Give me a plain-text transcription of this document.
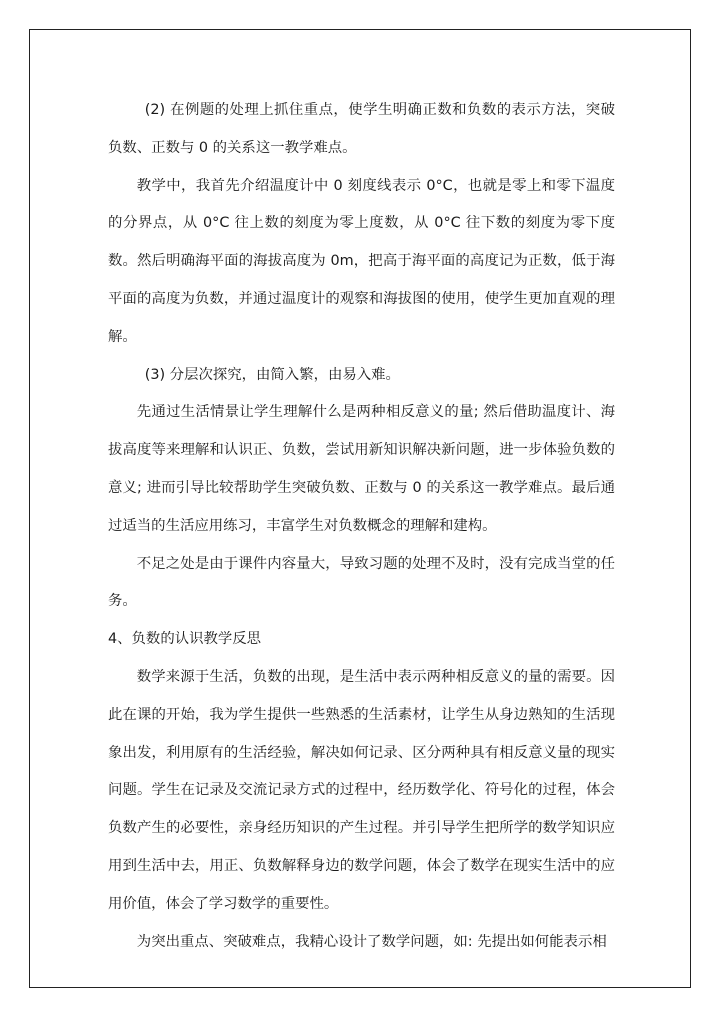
(2) 在例题的处理上抓住重点，使学生明确正数和负数的表示方法，突破负数、正数与 0 的关系这一教学难点。

教学中，我首先介绍温度计中 0 刻度线表示 0°C，也就是零上和零下温度的分界点，从 0°C 往上数的刻度为零上度数，从 0°C 往下数的刻度为零下度数。然后明确海平面的海拔高度为 0m，把高于海平面的高度记为正数，低于海平面的高度为负数，并通过温度计的观察和海拔图的使用，使学生更加直观的理解。

(3) 分层次探究，由简入繁，由易入难。

先通过生活情景让学生理解什么是两种相反意义的量; 然后借助温度计、海拔高度等来理解和认识正、负数，尝试用新知识解决新问题，进一步体验负数的意义; 进而引导比较帮助学生突破负数、正数与 0 的关系这一教学难点。最后通过适当的生活应用练习，丰富学生对负数概念的理解和建构。

不足之处是由于课件内容量大，导致习题的处理不及时，没有完成当堂的任务。

4、负数的认识教学反思

数学来源于生活，负数的出现，是生活中表示两种相反意义的量的需要。因此在课的开始，我为学生提供一些熟悉的生活素材，让学生从身边熟知的生活现象出发，利用原有的生活经验，解决如何记录、区分两种具有相反意义量的现实问题。学生在记录及交流记录方式的过程中，经历数学化、符号化的过程，体会负数产生的必要性，亲身经历知识的产生过程。并引导学生把所学的数学知识应用到生活中去，用正、负数解释身边的数学问题，体会了数学在现实生活中的应用价值，体会了学习数学的重要性。

为突出重点、突破难点，我精心设计了数学问题，如: 先提出如何能表示相
